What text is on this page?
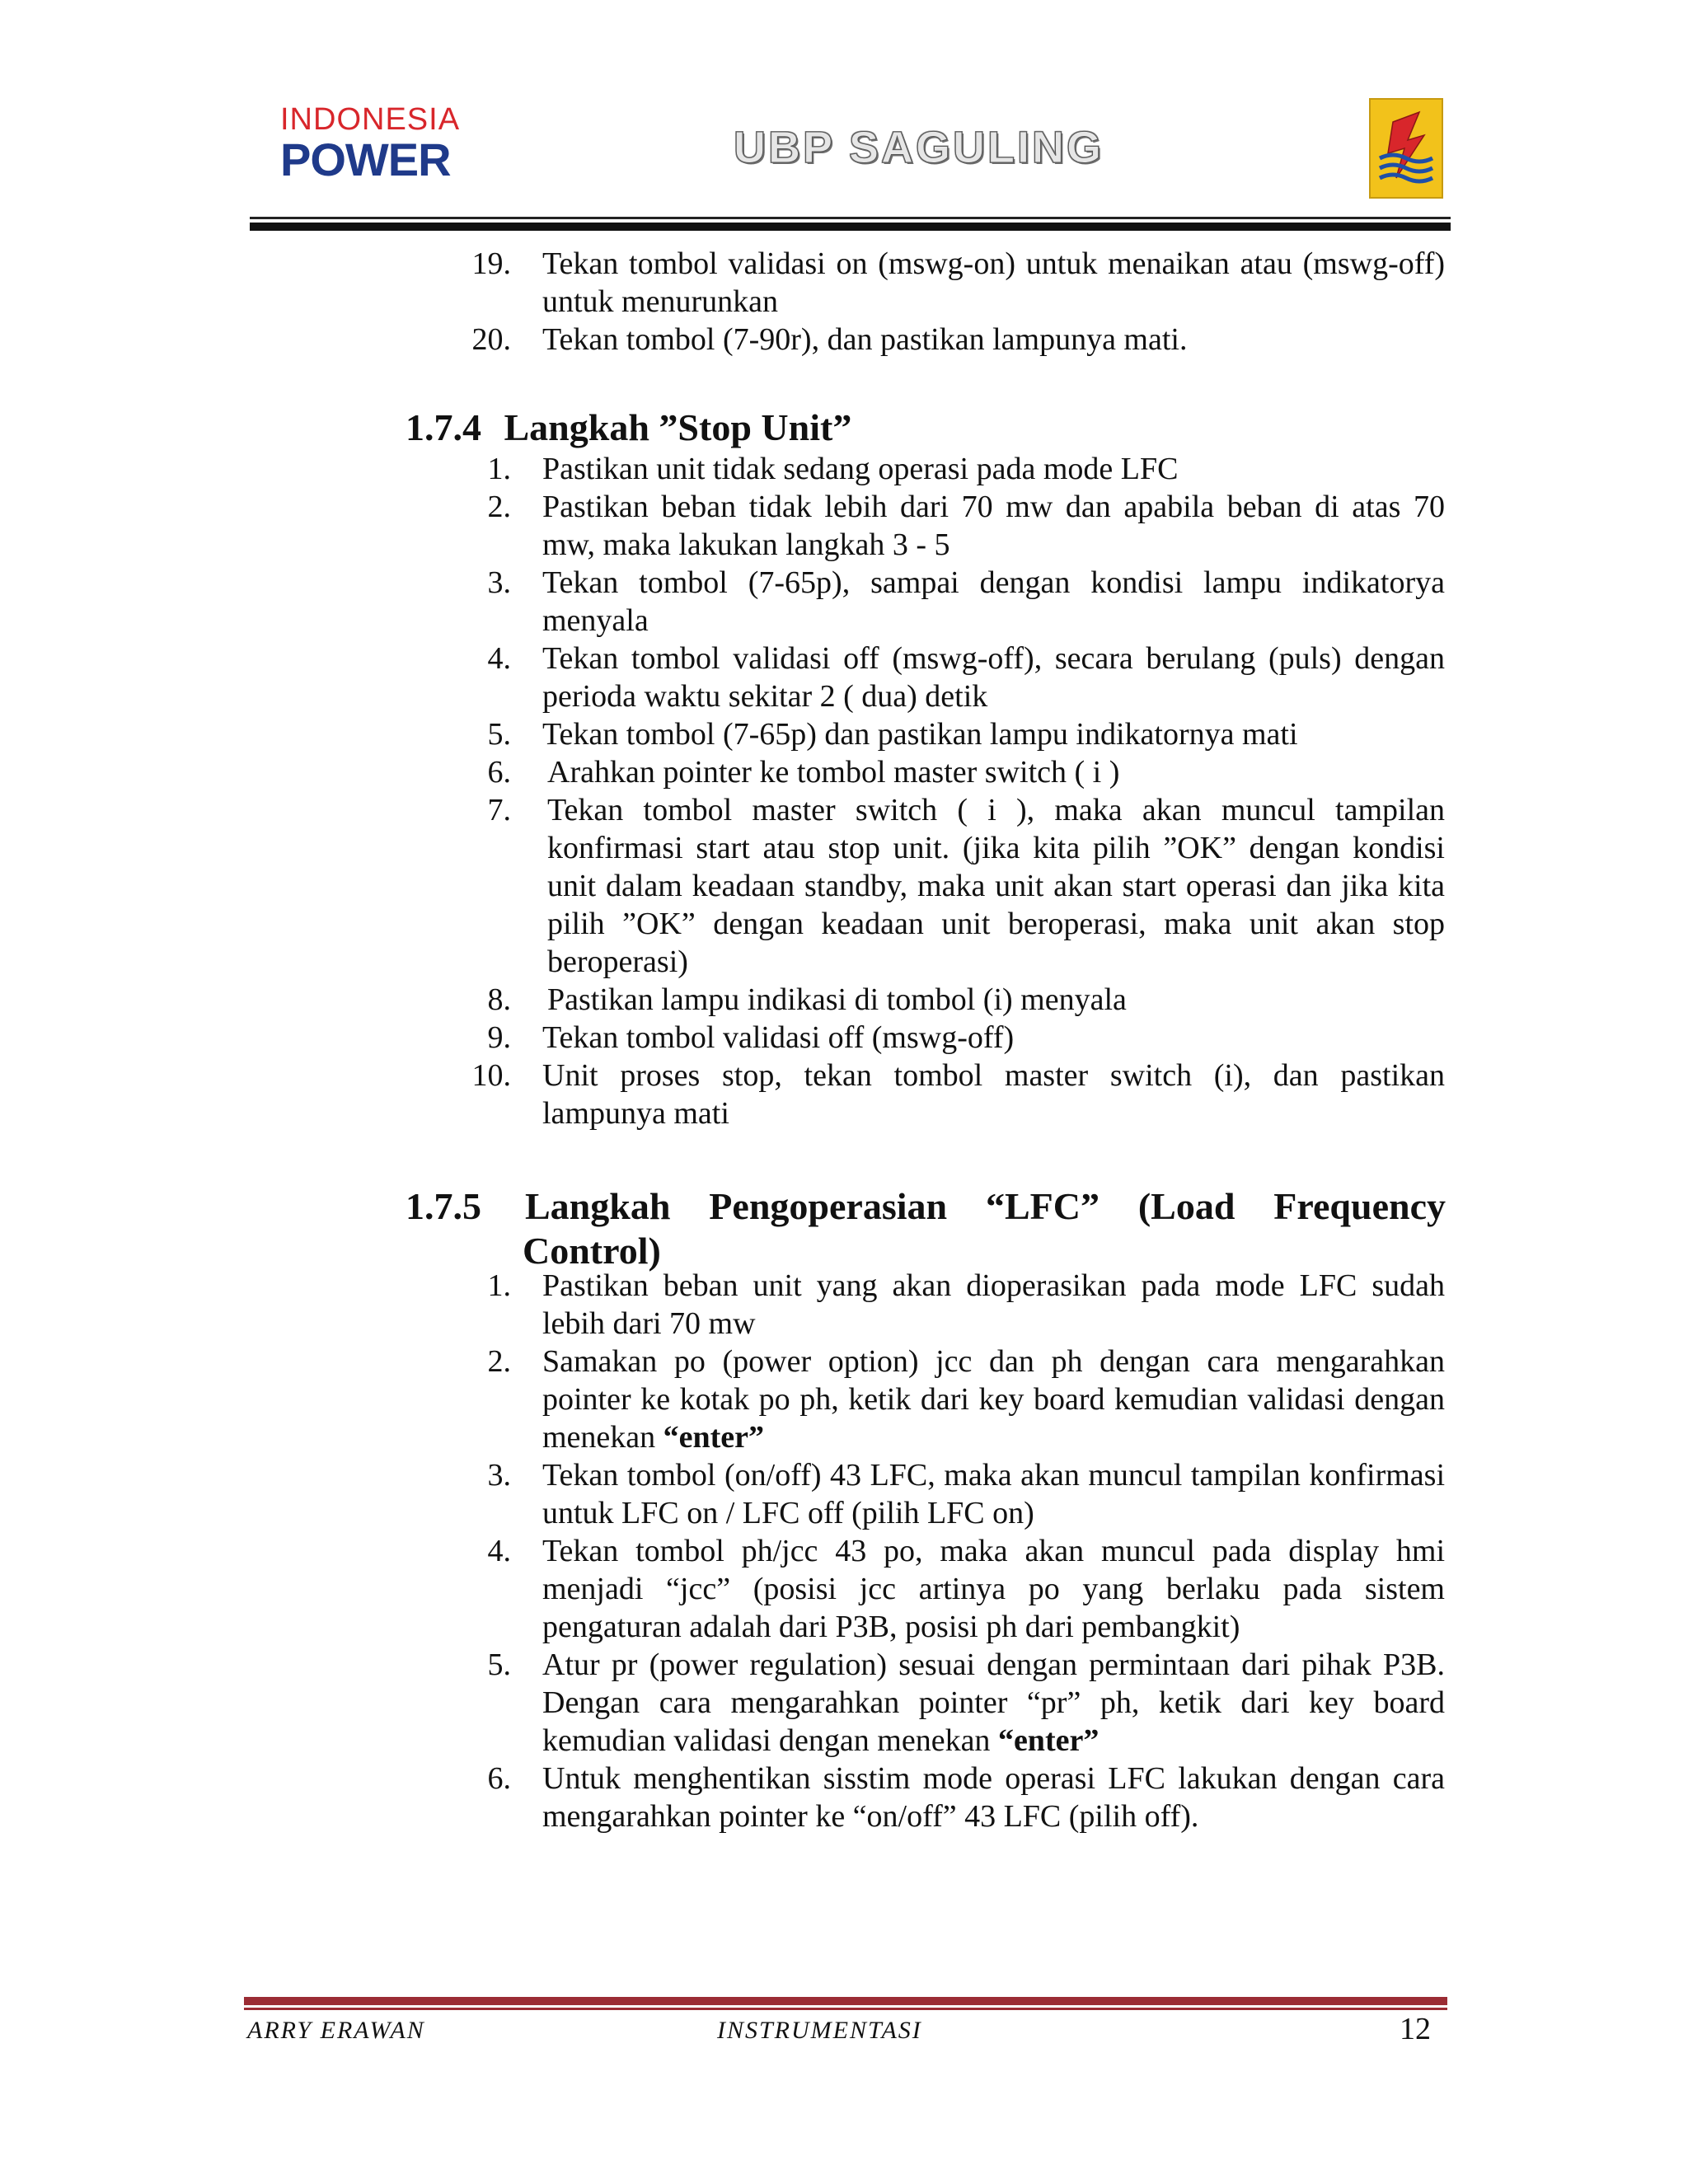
INDONESIA
POWER	UBP SAGULING
19. Tekan tombol validasi on (mswg-on) untuk menaikan atau (mswg-off) untuk menurunkan
20. Tekan tombol (7-90r), dan pastikan lampunya mati.
1.7.4 Langkah ”Stop Unit”
1. Pastikan unit tidak sedang operasi pada mode LFC
2. Pastikan beban tidak lebih dari 70 mw dan apabila beban di atas 70 mw, maka lakukan langkah 3 - 5
3. Tekan tombol (7-65p), sampai dengan kondisi lampu indikatorya menyala
4. Tekan tombol validasi off (mswg-off), secara berulang (puls) dengan perioda waktu sekitar 2 ( dua) detik
5. Tekan tombol (7-65p) dan pastikan lampu indikatornya mati
6. Arahkan pointer ke tombol master switch ( i )
7. Tekan tombol master switch ( i ), maka akan muncul tampilan konfirmasi start atau stop unit. (jika kita pilih ”OK” dengan kondisi unit dalam keadaan standby, maka unit akan start operasi dan jika kita pilih ”OK” dengan keadaan unit beroperasi, maka unit akan stop beroperasi)
8. Pastikan lampu indikasi di tombol (i) menyala
9. Tekan tombol validasi off (mswg-off)
10. Unit proses stop, tekan tombol master switch (i), dan pastikan lampunya mati
1.7.5 Langkah Pengoperasian “LFC” (Load Frequency
Control)
1. Pastikan beban unit yang akan dioperasikan pada mode LFC sudah lebih dari 70 mw
2. Samakan po (power option) jcc dan ph dengan cara mengarahkan pointer ke kotak po ph, ketik dari key board kemudian validasi dengan menekan “enter”
3. Tekan tombol (on/off) 43 LFC, maka akan muncul tampilan konfirmasi untuk LFC on / LFC off (pilih LFC on)
4. Tekan tombol ph/jcc 43 po, maka akan muncul pada display hmi menjadi “jcc” (posisi jcc artinya po yang berlaku pada sistem pengaturan adalah dari P3B, posisi ph dari pembangkit)
5. Atur pr (power regulation) sesuai dengan permintaan dari pihak P3B. Dengan cara mengarahkan pointer “pr” ph, ketik dari key board kemudian validasi dengan menekan “enter”
6. Untuk menghentikan sisstim mode operasi LFC lakukan dengan cara mengarahkan pointer ke “on/off” 43 LFC (pilih off).
ARRY ERAWAN	INSTRUMENTASI	12
